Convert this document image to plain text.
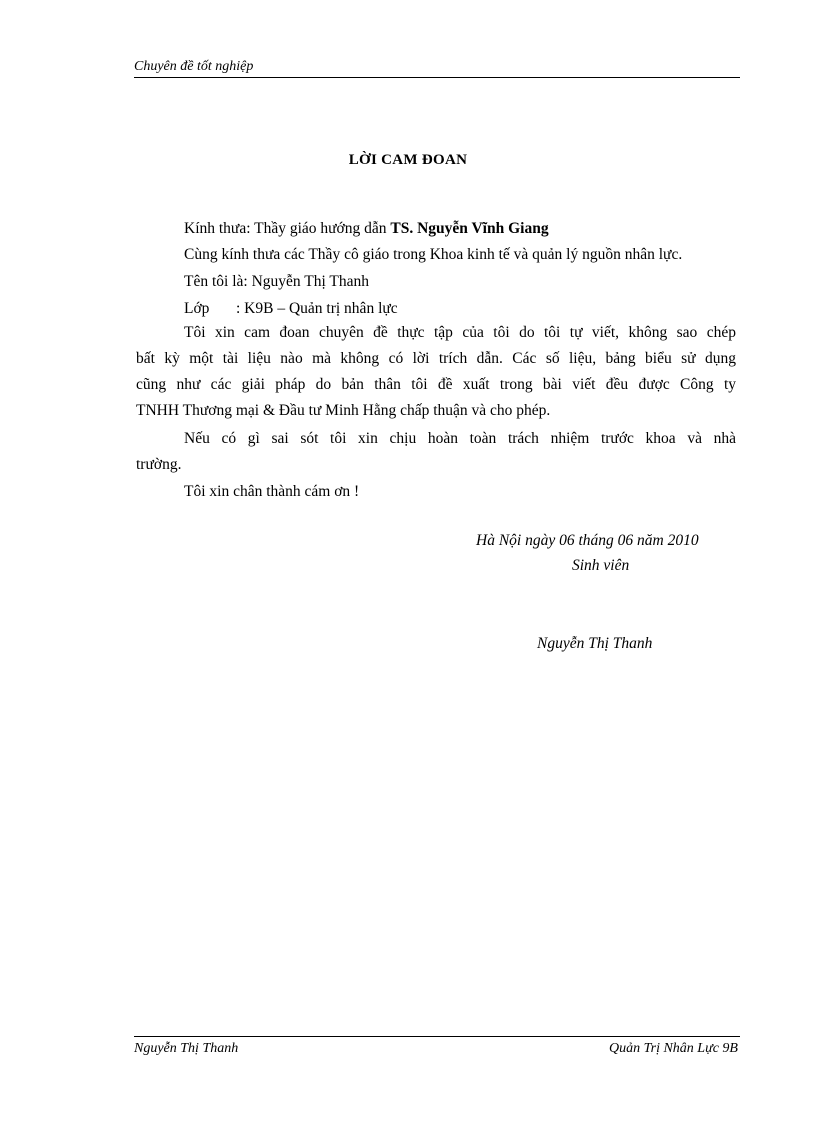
Chuyên đề tốt nghiệp
LỜI CAM ĐOAN
Kính thưa: Thầy giáo hướng dẫn TS. Nguyễn Vĩnh Giang
Cùng kính thưa các Thầy cô giáo trong Khoa kinh tế và quản lý nguồn nhân lực.
Tên tôi là: Nguyễn Thị Thanh
Lớp : K9B – Quản trị nhân lực
Tôi xin cam đoan chuyên đề thực tập của tôi do tôi tự viết, không sao chép
bất kỳ một tài liệu nào mà không có lời trích dẫn. Các số liệu, bảng biểu sử dụng
cũng như các giải pháp do bản thân tôi đề xuất trong bài viết đều được Công ty
TNHH Thương mại & Đầu tư Minh Hằng chấp thuận và cho phép.
Nếu có gì sai sót tôi xin chịu hoàn toàn trách nhiệm trước khoa và nhà
trường.
Tôi xin chân thành cám ơn !
Hà Nội ngày 06 tháng 06 năm 2010
Sinh viên
Nguyễn Thị Thanh
Nguyễn Thị Thanh	Quản Trị Nhân Lực 9B
